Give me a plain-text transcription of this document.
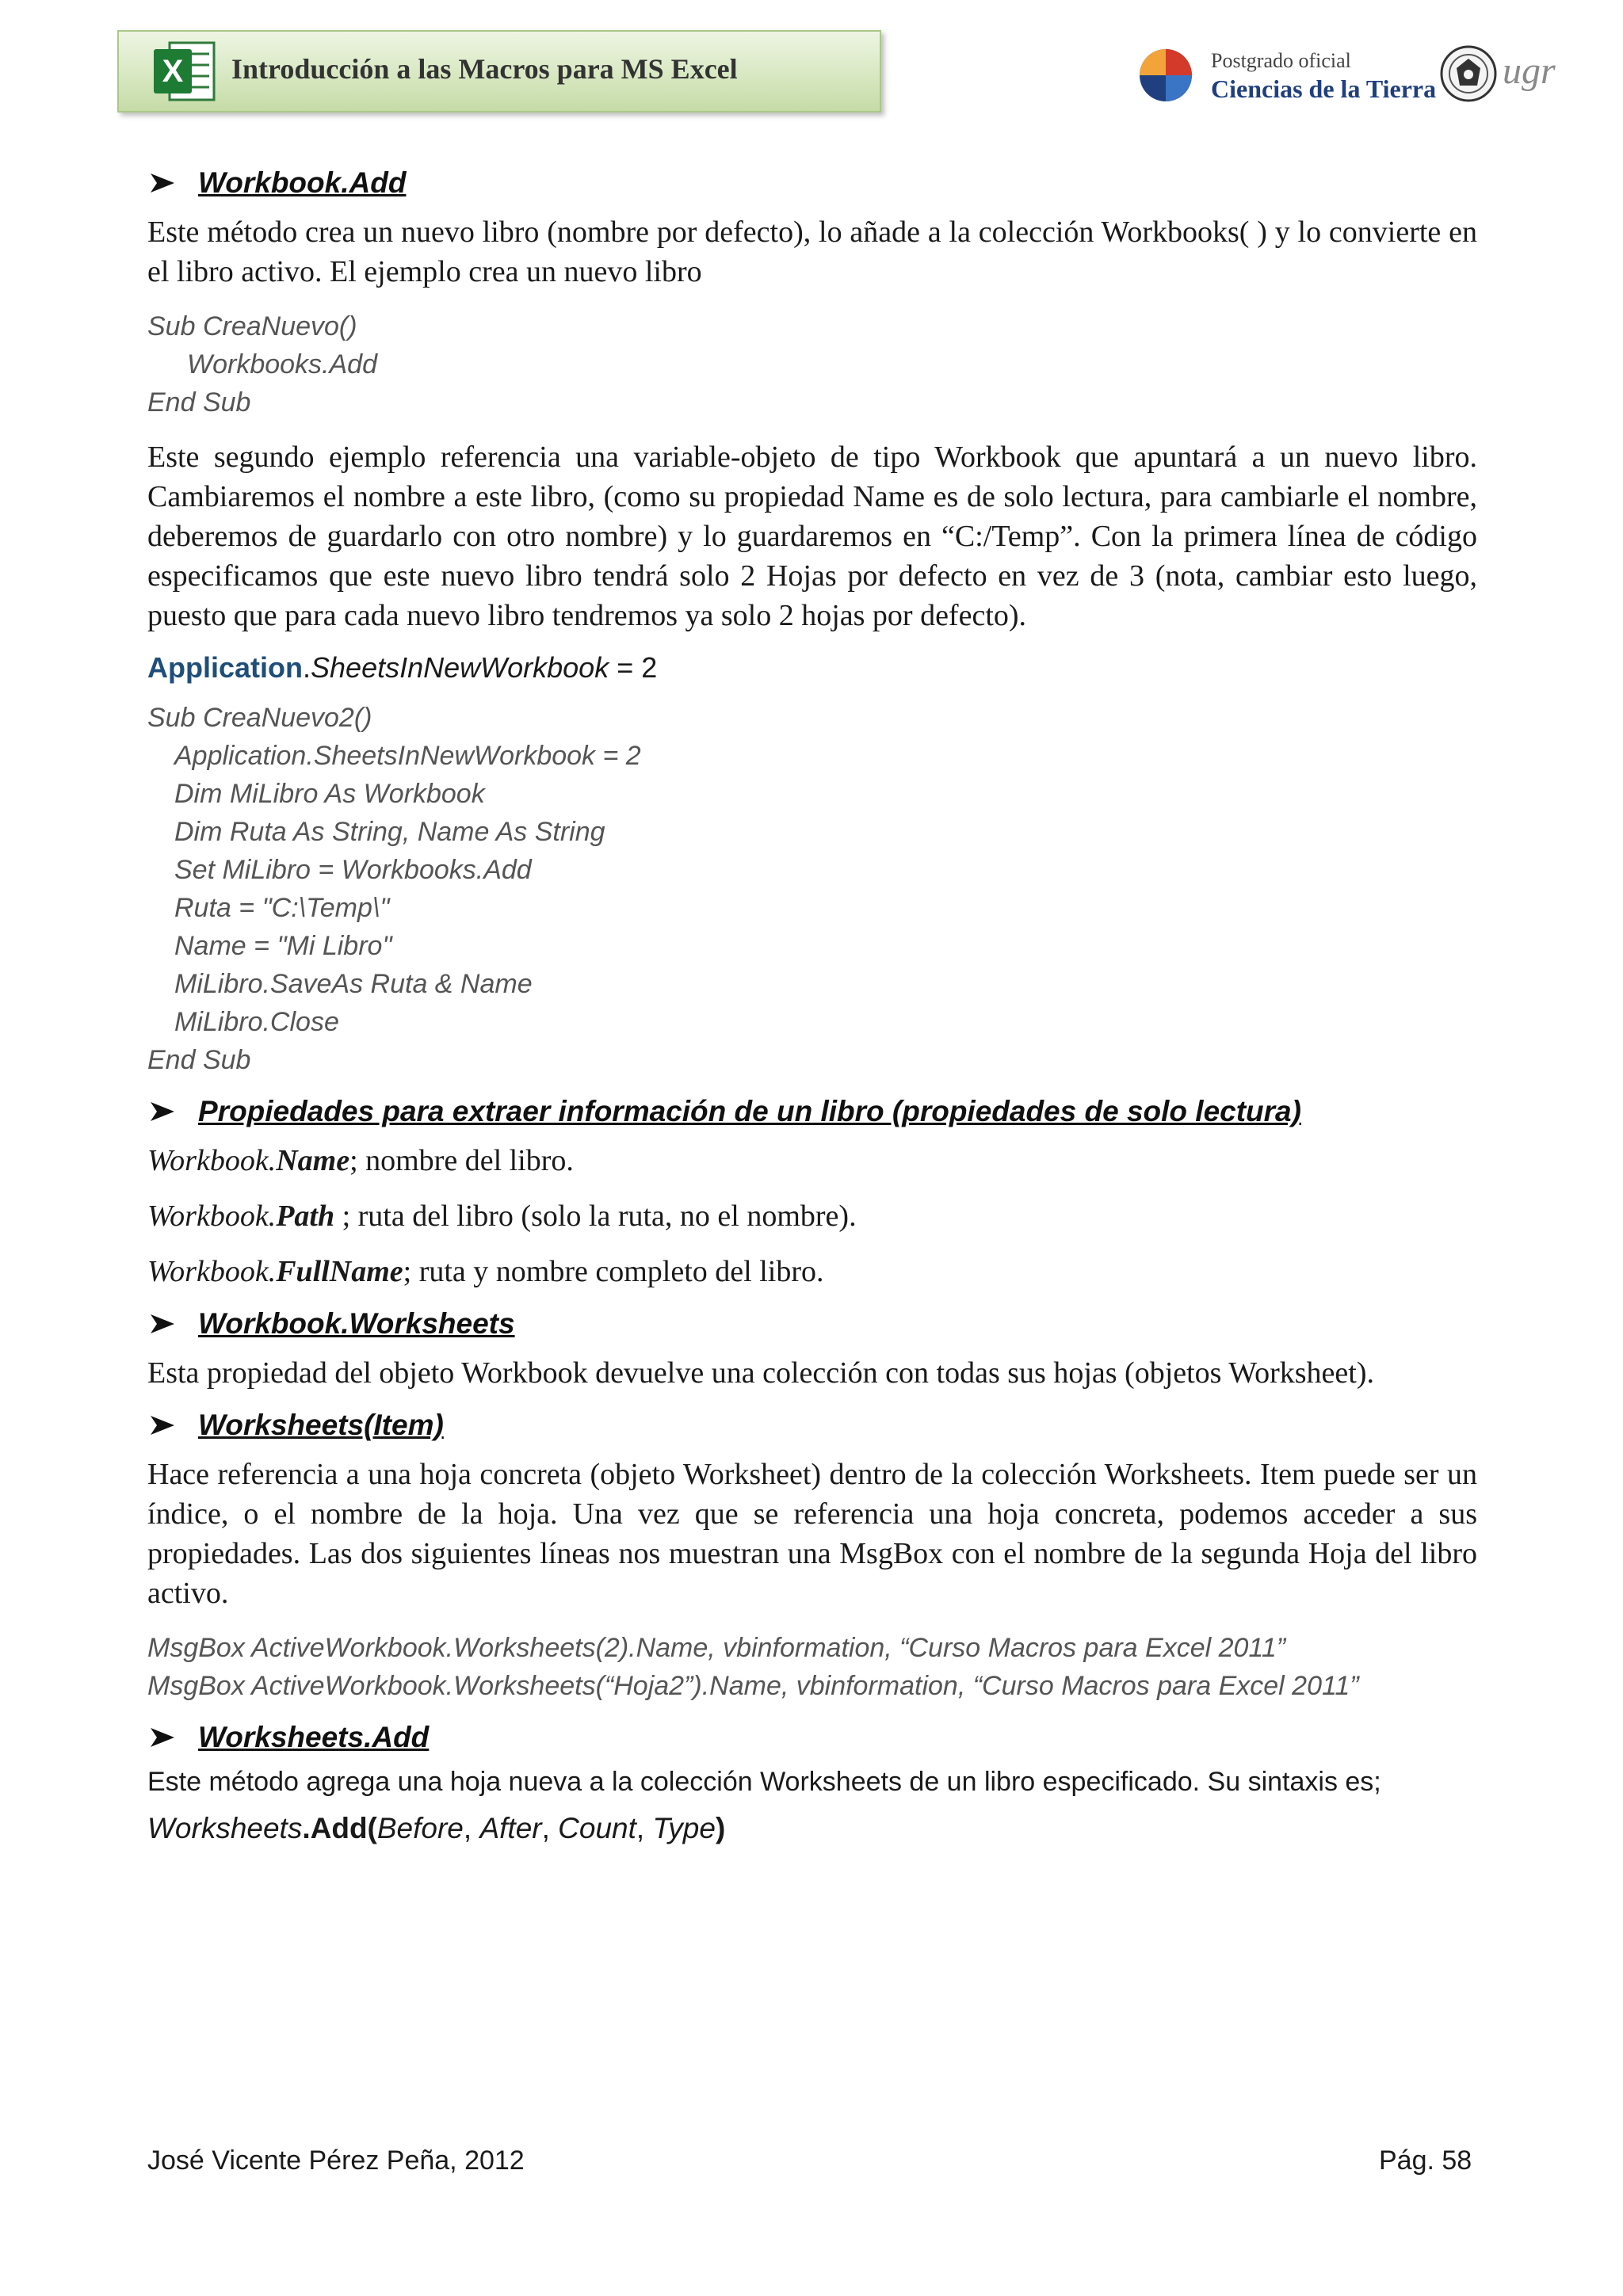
X Introducción a las Macros para MS Excel	Postgrado oficial
Ciencias de la Tierra ugr
Workbook.Add

Este método crea un nuevo libro (nombre por defecto), lo añade a la colección Workbooks( ) y lo convierte en el libro activo. El ejemplo crea un nuevo libro

Sub CreaNuevo()
Workbooks.Add
End Sub

Este segundo ejemplo referencia una variable-objeto de tipo Workbook que apuntará a un nuevo libro. Cambiaremos el nombre a este libro, (como su propiedad Name es de solo lectura, para cambiarle el nombre, deberemos de guardarlo con otro nombre) y lo guardaremos en “C:/Temp”. Con la primera línea de código especificamos que este nuevo libro tendrá solo 2 Hojas por defecto en vez de 3 (nota, cambiar esto luego, puesto que para cada nuevo libro tendremos ya solo 2 hojas por defecto).

Application.SheetsInNewWorkbook = 2
Sub CreaNuevo2()
Application.SheetsInNewWorkbook = 2
Dim MiLibro As Workbook
Dim Ruta As String, Name As String
Set MiLibro = Workbooks.Add
Ruta = "C:\Temp\"
Name = "Mi Libro"
MiLibro.SaveAs Ruta & Name
MiLibro.Close
End Sub
Propiedades para extraer información de un libro (propiedades de solo lectura)
Workbook.Name; nombre del libro.
Workbook.Path ; ruta del libro (solo la ruta, no el nombre).
Workbook.FullName; ruta y nombre completo del libro.
Workbook.Worksheets

Esta propiedad del objeto Workbook devuelve una colección con todas sus hojas (objetos Worksheet).

Worksheets(Item)

Hace referencia a una hoja concreta (objeto Worksheet) dentro de la colección Worksheets. Item puede ser un índice, o el nombre de la hoja. Una vez que se referencia una hoja concreta, podemos acceder a sus propiedades. Las dos siguientes líneas nos muestran una MsgBox con el nombre de la segunda Hoja del libro activo.

MsgBox ActiveWorkbook.Worksheets(2).Name, vbinformation, “Curso Macros para Excel 2011”
MsgBox ActiveWorkbook.Worksheets(“Hoja2”).Name, vbinformation, “Curso Macros para Excel 2011”
Worksheets.Add
Este método agrega una hoja nueva a la colección Worksheets de un libro especificado. Su sintaxis es;
Worksheets.Add(Before, After, Count, Type)
José Vicente Pérez Peña, 2012	Pág. 58
